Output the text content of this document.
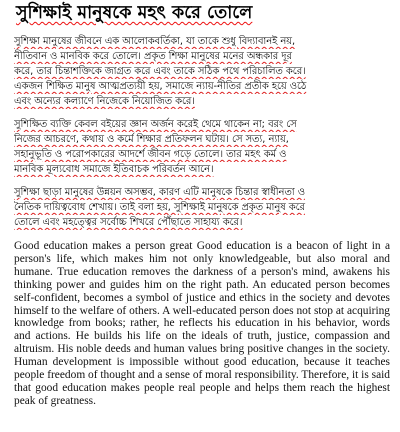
সুশিক্ষাই মানুষকে মহৎ করে তোলে
সুশিক্ষা মানুষের জীবনে এক আলোকবর্তিকা, যা তাকে শুধু বিদ্যাবানই নয়,
নীতিবান ও মানবিক করে তোলে। প্রকৃত শিক্ষা মানুষের মনের অন্ধকার দূর
করে, তার চিন্তাশক্তিকে জাগ্রত করে এবং তাকে সঠিক পথে পরিচালিত করে।
একজন শিক্ষিত মানুষ আত্মপ্রত্যয়ী হয়, সমাজে ন্যায়-নীতির প্রতীক হয়ে ওঠে
এবং অন্যের কল্যাণে নিজেকে নিয়োজিত করে।
সুশিক্ষিত ব্যক্তি কেবল বইয়ের জ্ঞান অর্জন করেই থেমে থাকেন না; বরং সে
নিজের আচরণে, কথায় ও কর্মে শিক্ষার প্রতিফলন ঘটায়। সে সত্য, ন্যায়,
সহানুভূতি ও পরোপকারের আদর্শে জীবন গড়ে তোলে। তার মহৎ কর্ম ও
মানবিক মূল্যবোধ সমাজে ইতিবাচক পরিবর্তন আনে।
সুশিক্ষা ছাড়া মানুষের উন্নয়ন অসম্ভব, কারণ এটি মানুষকে চিন্তার স্বাধীনতা ও
নৈতিক দায়িত্ববোধ শেখায়। তাই বলা হয়, সুশিক্ষাই মানুষকে প্রকৃত মানুষ করে
তোলে এবং মহত্ত্বের সর্বোচ্চ শিখরে পৌঁছাতে সাহায্য করে।

Good education makes a person great Good education is a beacon of light in a person's life, which makes him not only knowledgeable, but also moral and humane. True education removes the darkness of a person's mind, awakens his thinking power and guides him on the right path. An educated person becomes self-confident, becomes a symbol of justice and ethics in the society and devotes himself to the welfare of others. A well-educated person does not stop at acquiring knowledge from books; rather, he reflects his education in his behavior, words and actions. He builds his life on the ideals of truth, justice, compassion and altruism. His noble deeds and human values bring positive changes in the society. Human development is impossible without good education, because it teaches people freedom of thought and a sense of moral responsibility. Therefore, it is said that good education makes people real people and helps them reach the highest peak of greatness.
